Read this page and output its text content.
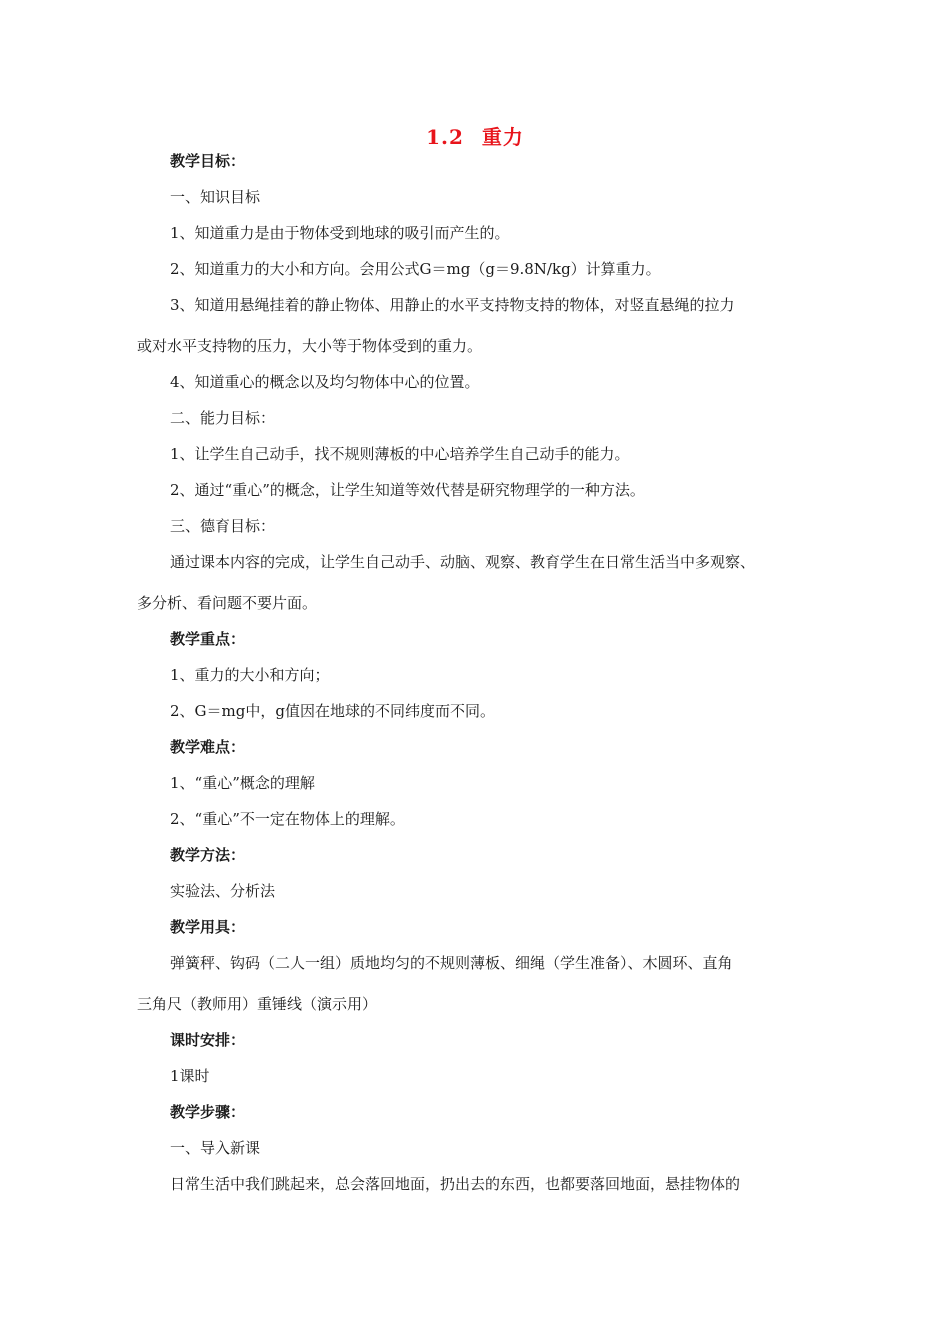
1.2 重力
教学目标：
一、知识目标
1、知道重力是由于物体受到地球的吸引而产生的。
2、知道重力的大小和方向。会用公式G＝mg（g＝9.8N/kg）计算重力。
3、知道用悬绳挂着的静止物体、用静止的水平支持物支持的物体，对竖直悬绳的拉力
或对水平支持物的压力，大小等于物体受到的重力。
4、知道重心的概念以及均匀物体中心的位置。
二、能力目标：
1、让学生自己动手，找不规则薄板的中心培养学生自己动手的能力。
2、通过“重心”的概念，让学生知道等效代替是研究物理学的一种方法。
三、德育目标：
通过课本内容的完成，让学生自己动手、动脑、观察、教育学生在日常生活当中多观察、
多分析、看问题不要片面。
教学重点：
1、重力的大小和方向；
2、G＝mg中，g值因在地球的不同纬度而不同。
教学难点：
1、“重心”概念的理解
2、“重心”不一定在物体上的理解。
教学方法：
实验法、分析法
教学用具：
弹簧秤、钩码（二人一组）质地均匀的不规则薄板、细绳（学生准备）、木圆环、直角
三角尺（教师用）重锤线（演示用）
课时安排：
1课时
教学步骤：
一、导入新课
日常生活中我们跳起来，总会落回地面，扔出去的东西，也都要落回地面，悬挂物体的
